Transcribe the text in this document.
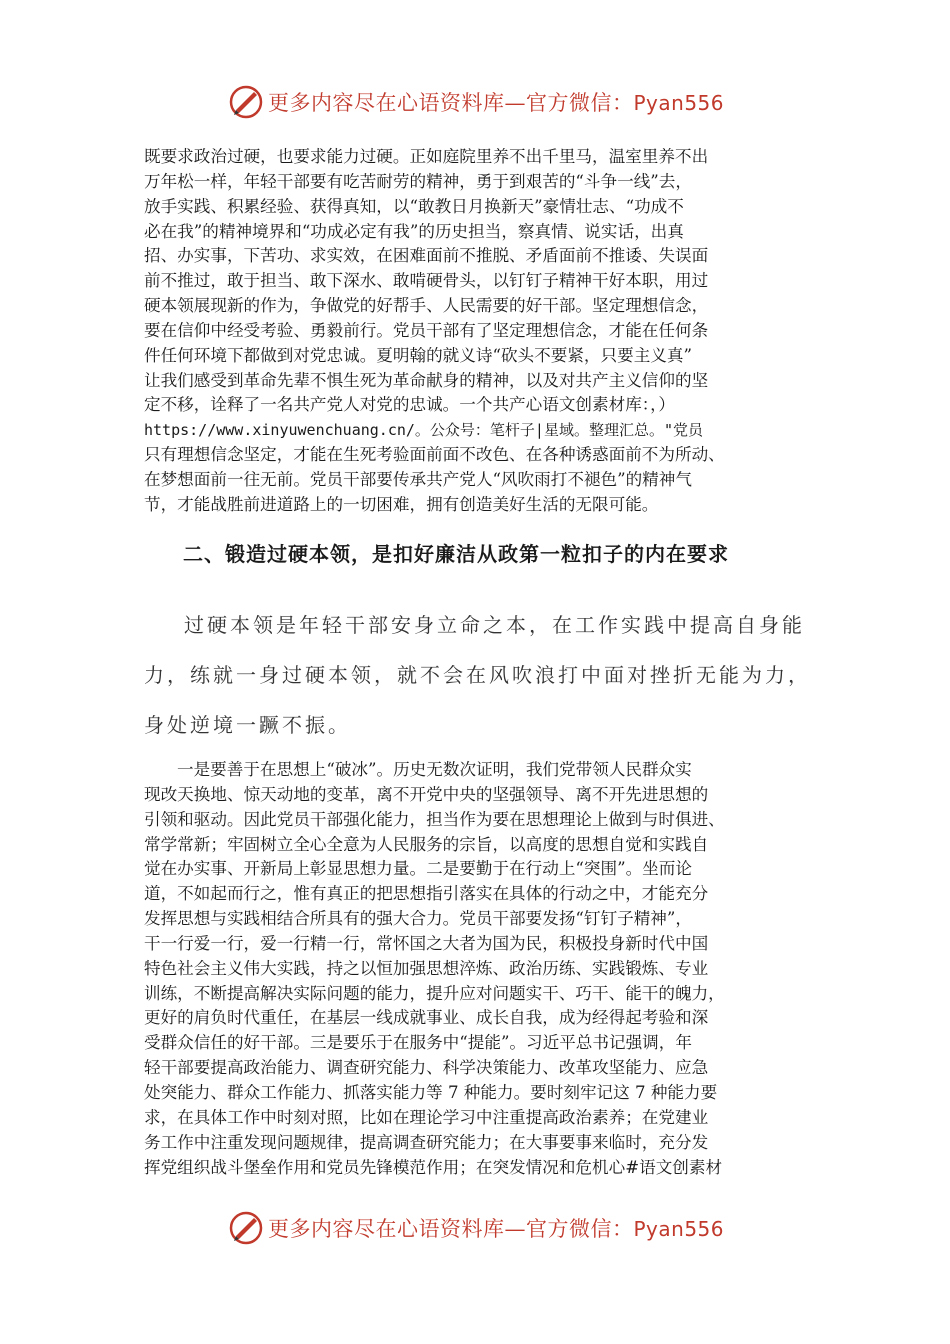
更多内容尽在心语资料库—官方微信：Pyan556
既要求政治过硬，也要求能力过硬。正如庭院里养不出千里马，温室里养不出
万年松一样，年轻干部要有吃苦耐劳的精神，勇于到艰苦的“斗争一线”去，
放手实践、积累经验、获得真知，以“敢教日月换新天”豪情壮志、“功成不
必在我”的精神境界和“功成必定有我”的历史担当，察真情、说实话，出真
招、办实事，下苦功、求实效，在困难面前不推脱、矛盾面前不推诿、失误面
前不推过，敢于担当、敢下深水、敢啃硬骨头，以钉钉子精神干好本职，用过
硬本领展现新的作为，争做党的好帮手、人民需要的好干部。坚定理想信念，
要在信仰中经受考验、勇毅前行。党员干部有了坚定理想信念，才能在任何条
件任何环境下都做到对党忠诚。夏明翰的就义诗“砍头不要紧，只要主义真”
让我们感受到革命先辈不惧生死为革命献身的精神，以及对共产主义信仰的坚
定不移，诠释了一名共产党人对党的忠诚。一个共产心语文创素材库：，）
https://www.xinyuwenchuang.cn/。公众号：笔杆子|星域。整理汇总。"党员
只有理想信念坚定，才能在生死考验面前面不改色、在各种诱惑面前不为所动、
在梦想面前一往无前。党员干部要传承共产党人“风吹雨打不褪色”的精神气
节，才能战胜前进道路上的一切困难，拥有创造美好生活的无限可能。
二、锻造过硬本领，是扣好廉洁从政第一粒扣子的内在要求
过硬本领是年轻干部安身立命之本，在工作实践中提高自身能
力，练就一身过硬本领，就不会在风吹浪打中面对挫折无能为力，
身处逆境一蹶不振。
一是要善于在思想上“破冰”。历史无数次证明，我们党带领人民群众实
现改天换地、惊天动地的变革，离不开党中央的坚强领导、离不开先进思想的
引领和驱动。因此党员干部强化能力，担当作为要在思想理论上做到与时俱进、
常学常新；牢固树立全心全意为人民服务的宗旨，以高度的思想自觉和实践自
觉在办实事、开新局上彰显思想力量。二是要勤于在行动上“突围”。坐而论
道，不如起而行之，惟有真正的把思想指引落实在具体的行动之中，才能充分
发挥思想与实践相结合所具有的强大合力。党员干部要发扬“钉钉子精神”，
干一行爱一行，爱一行精一行，常怀国之大者为国为民，积极投身新时代中国
特色社会主义伟大实践，持之以恒加强思想淬炼、政治历练、实践锻炼、专业
训练，不断提高解决实际问题的能力，提升应对问题实干、巧干、能干的魄力，
更好的肩负时代重任，在基层一线成就事业、成长自我，成为经得起考验和深
受群众信任的好干部。三是要乐于在服务中“提能”。习近平总书记强调，年
轻干部要提高政治能力、调查研究能力、科学决策能力、改革攻坚能力、应急
处突能力、群众工作能力、抓落实能力等 7 种能力。要时刻牢记这 7 种能力要
求，在具体工作中时刻对照，比如在理论学习中注重提高政治素养；在党建业
务工作中注重发现问题规律，提高调查研究能力；在大事要事来临时，充分发
挥党组织战斗堡垒作用和党员先锋模范作用；在突发情况和危机心#语文创素材
更多内容尽在心语资料库—官方微信：Pyan556
